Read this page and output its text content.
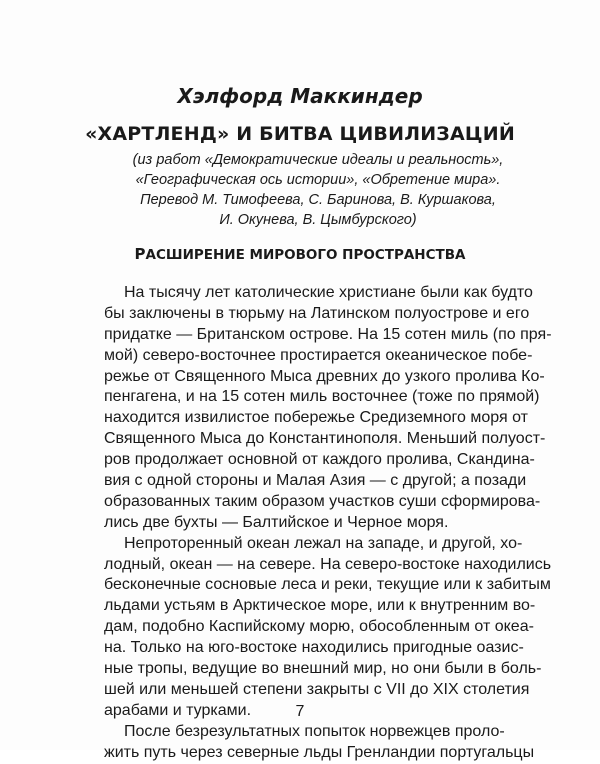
Хэлфорд Маккиндер
«ХАРТЛЕНД» И БИТВА ЦИВИЛИЗАЦИЙ
(из работ «Демократические идеалы и реальность»,
«Географическая ось истории», «Обретение мира».
Перевод М. Тимофеева, С. Баринова, В. Куршакова,
И. Окунева, В. Цымбурского)
РАСШИРЕНИЕ МИРОВОГО ПРОСТРАНСТВА
На тысячу лет католические христиане были как будто
бы заключены в тюрьму на Латинском полуострове и его
придатке — Британском острове. На 15 сотен миль (по пря-
мой) северо-восточнее простирается океаническое побе-
режье от Священного Мыса древних до узкого пролива Ко-
пенгагена, и на 15 сотен миль восточнее (тоже по прямой)
находится извилистое побережье Средиземного моря от
Священного Мыса до Константинополя. Меньший полуост-
ров продолжает основной от каждого пролива, Скандина-
вия с одной стороны и Малая Азия — с другой; а позади
образованных таким образом участков суши сформирова-
лись две бухты — Балтийское и Черное моря.
Непроторенный океан лежал на западе, и другой, хо-
лодный, океан — на севере. На северо-востоке находились
бесконечные сосновые леса и реки, текущие или к забитым
льдами устьям в Арктическое море, или к внутренним во-
дам, подобно Каспийскому морю, обособленным от океа-
на. Только на юго-востоке находились пригодные оазис-
ные тропы, ведущие во внешний мир, но они были в боль-
шей или меньшей степени закрыты с VII до XIX столетия
арабами и турками.
После безрезультатных попыток норвежцев проло-
жить путь через северные льды Гренландии португальцы
7
